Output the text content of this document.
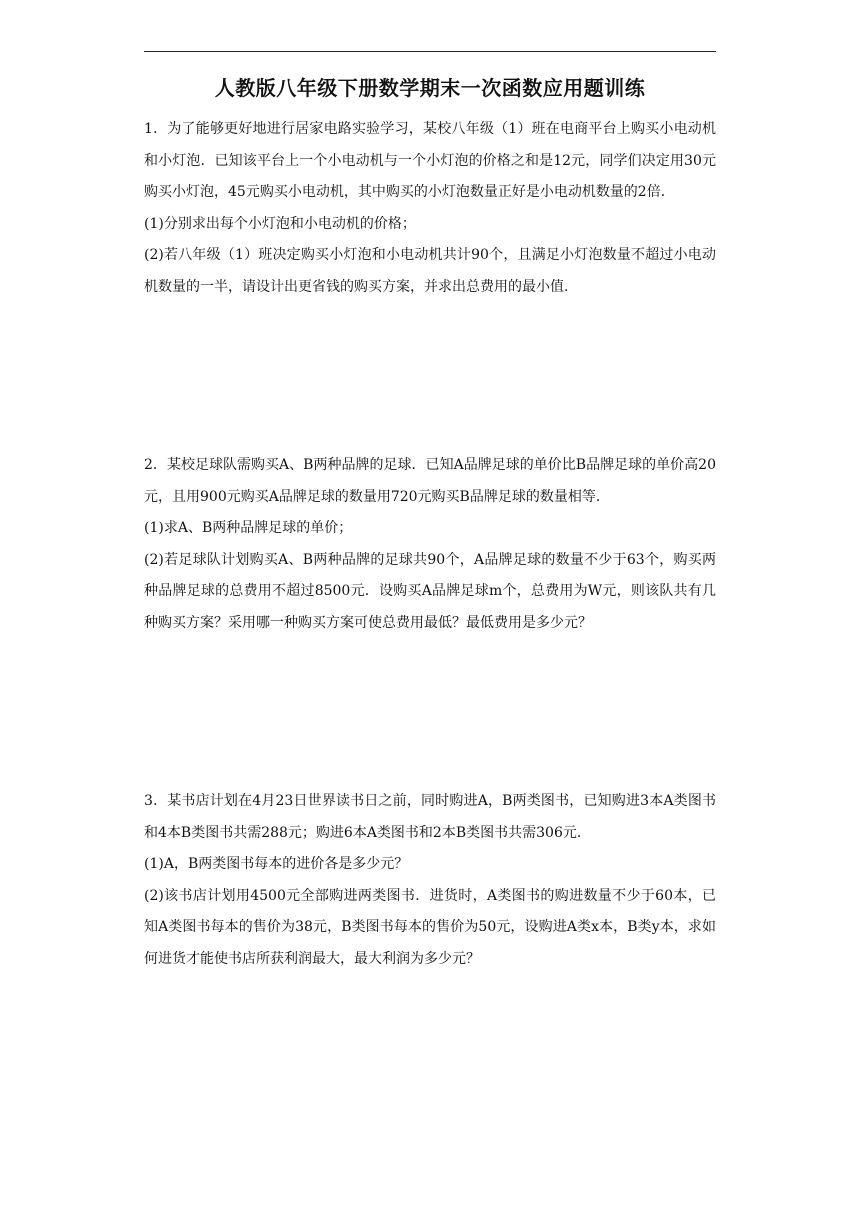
人教版八年级下册数学期末一次函数应用题训练

1．为了能够更好地进行居家电路实验学习，某校八年级（1）班在电商平台上购买小电动机和小灯泡．已知该平台上一个小电动机与一个小灯泡的价格之和是12元，同学们决定用30元购买小灯泡，45元购买小电动机，其中购买的小灯泡数量正好是小电动机数量的2倍．

(1)分别求出每个小灯泡和小电动机的价格；
(2)若八年级（1）班决定购买小灯泡和小电动机共计90个，且满足小灯泡数量不超过小电动机数量的一半，请设计出更省钱的购买方案，并求出总费用的最小值．

2．某校足球队需购买A、B两种品牌的足球．已知A品牌足球的单价比B品牌足球的单价高20元，且用900元购买A品牌足球的数量用720元购买B品牌足球的数量相等．

(1)求A、B两种品牌足球的单价；
(2)若足球队计划购买A、B两种品牌的足球共90个，A品牌足球的数量不少于63个，购买两种品牌足球的总费用不超过8500元．设购买A品牌足球m个，总费用为W元，则该队共有几种购买方案？采用哪一种购买方案可使总费用最低？最低费用是多少元？

3．某书店计划在4月23日世界读书日之前，同时购进A，B两类图书，已知购进3本A类图书和4本B类图书共需288元；购进6本A类图书和2本B类图书共需306元．

(1)A，B两类图书每本的进价各是多少元？
(2)该书店计划用4500元全部购进两类图书．进货时，A类图书的购进数量不少于60本，已知A类图书每本的售价为38元，B类图书每本的售价为50元，设购进A类x本，B类y本，求如何进货才能使书店所获利润最大，最大利润为多少元？
